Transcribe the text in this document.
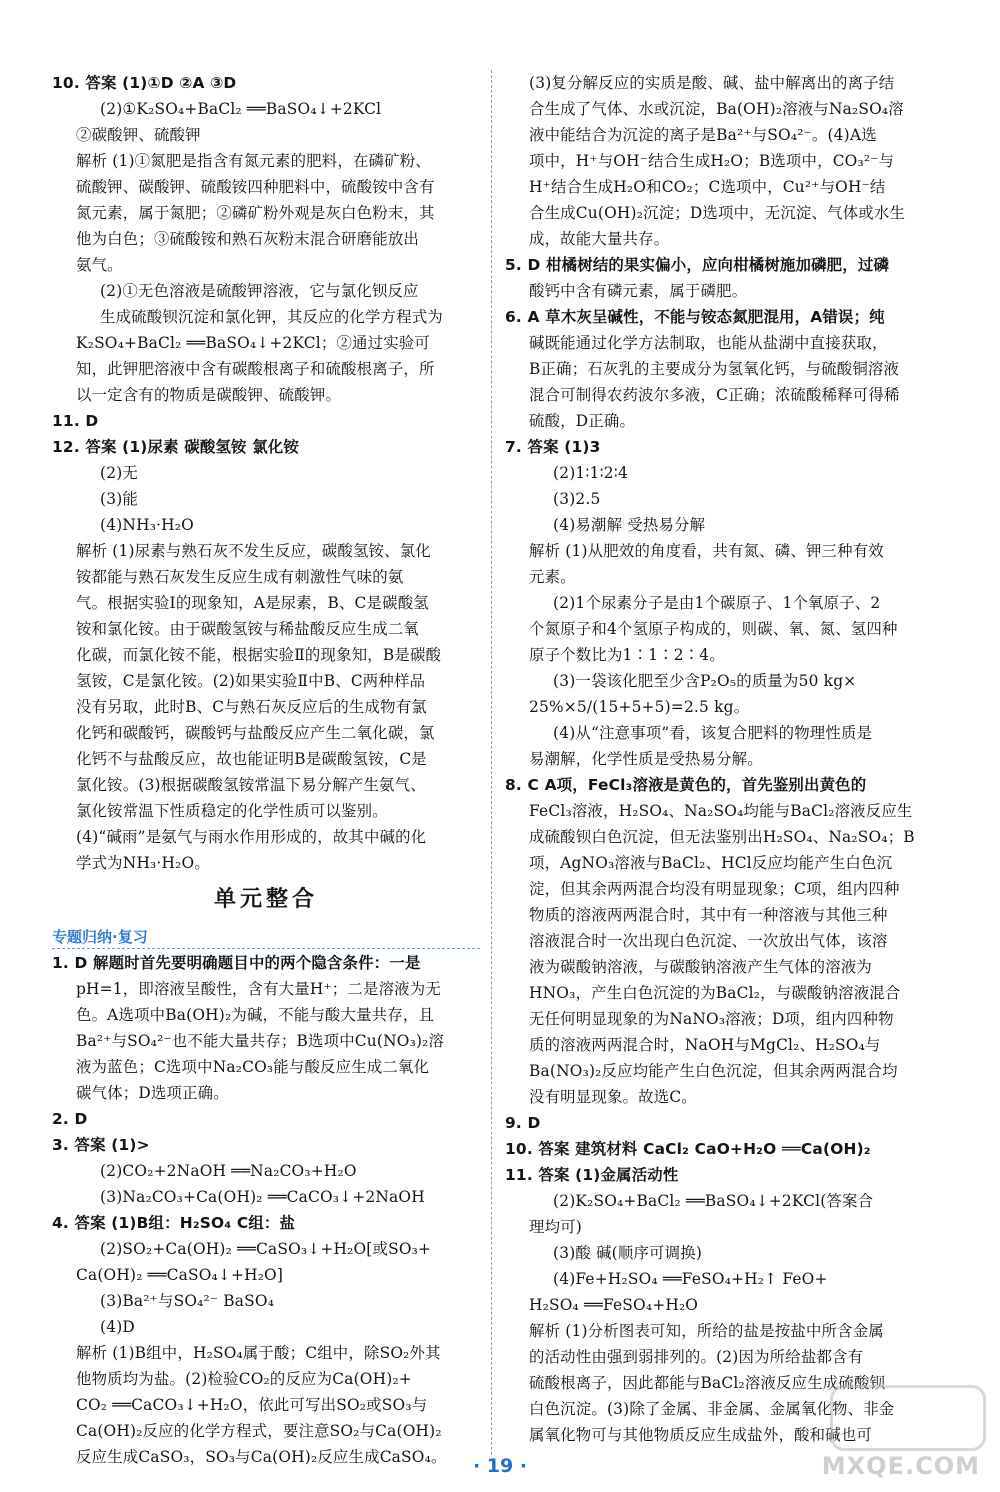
10. 答案 (1)①D ②A ③D
(2)①K₂SO₄+BaCl₂ ══BaSO₄↓+2KCl
②碳酸钾、硫酸钾
解析 (1)①氮肥是指含有氮元素的肥料，在磷矿粉、
硫酸钾、碳酸钾、硫酸铵四种肥料中，硫酸铵中含有
氮元素，属于氮肥；②磷矿粉外观是灰白色粉末，其
他为白色；③硫酸铵和熟石灰粉末混合研磨能放出
氨气。
(2)①无色溶液是硫酸钾溶液，它与氯化钡反应
生成硫酸钡沉淀和氯化钾，其反应的化学方程式为
K₂SO₄+BaCl₂ ══BaSO₄↓+2KCl；②通过实验可
知，此钾肥溶液中含有碳酸根离子和硫酸根离子，所
以一定含有的物质是碳酸钾、硫酸钾。
11. D
12. 答案 (1)尿素 碳酸氢铵 氯化铵
(2)无
(3)能
(4)NH₃·H₂O
解析 (1)尿素与熟石灰不发生反应，碳酸氢铵、氯化
铵都能与熟石灰发生反应生成有刺激性气味的氨
气。根据实验Ⅰ的现象知，A是尿素，B、C是碳酸氢
铵和氯化铵。由于碳酸氢铵与稀盐酸反应生成二氧
化碳，而氯化铵不能，根据实验Ⅱ的现象知，B是碳酸
氢铵，C是氯化铵。(2)如果实验Ⅱ中B、C两种样品
没有另取，此时B、C与熟石灰反应后的生成物有氯
化钙和碳酸钙，碳酸钙与盐酸反应产生二氧化碳，氯
化钙不与盐酸反应，故也能证明B是碳酸氢铵，C是
氯化铵。(3)根据碳酸氢铵常温下易分解产生氨气、
氯化铵常温下性质稳定的化学性质可以鉴别。
(4)“碱雨”是氨气与雨水作用形成的，故其中碱的化
学式为NH₃·H₂O。
单元整合
专题归纳·复习
1. D 解题时首先要明确题目中的两个隐含条件：一是
pH=1，即溶液呈酸性，含有大量H⁺；二是溶液为无
色。A选项中Ba(OH)₂为碱，不能与酸大量共存，且
Ba²⁺与SO₄²⁻也不能大量共存；B选项中Cu(NO₃)₂溶
液为蓝色；C选项中Na₂CO₃能与酸反应生成二氧化
碳气体；D选项正确。
2. D
3. 答案 (1)>
(2)CO₂+2NaOH ══Na₂CO₃+H₂O
(3)Na₂CO₃+Ca(OH)₂ ══CaCO₃↓+2NaOH
4. 答案 (1)B组：H₂SO₄ C组：盐
(2)SO₂+Ca(OH)₂ ══CaSO₃↓+H₂O[或SO₃+
Ca(OH)₂ ══CaSO₄↓+H₂O]
(3)Ba²⁺与SO₄²⁻ BaSO₄
(4)D
解析 (1)B组中，H₂SO₄属于酸；C组中，除SO₂外其
他物质均为盐。(2)检验CO₂的反应为Ca(OH)₂+
CO₂ ══CaCO₃↓+H₂O，依此可写出SO₂或SO₃与
Ca(OH)₂反应的化学方程式，要注意SO₂与Ca(OH)₂
反应生成CaSO₃，SO₃与Ca(OH)₂反应生成CaSO₄。
(3)复分解反应的实质是酸、碱、盐中解离出的离子结
合生成了气体、水或沉淀，Ba(OH)₂溶液与Na₂SO₄溶
液中能结合为沉淀的离子是Ba²⁺与SO₄²⁻。(4)A选
项中，H⁺与OH⁻结合生成H₂O；B选项中，CO₃²⁻与
H⁺结合生成H₂O和CO₂；C选项中，Cu²⁺与OH⁻结
合生成Cu(OH)₂沉淀；D选项中，无沉淀、气体或水生
成，故能大量共存。
5. D 柑橘树结的果实偏小，应向柑橘树施加磷肥，过磷
酸钙中含有磷元素，属于磷肥。
6. A 草木灰呈碱性，不能与铵态氮肥混用，A错误；纯
碱既能通过化学方法制取，也能从盐湖中直接获取，
B正确；石灰乳的主要成分为氢氧化钙，与硫酸铜溶液
混合可制得农药波尔多液，C正确；浓硫酸稀释可得稀
硫酸，D正确。
7. 答案 (1)3
(2)1∶1∶2∶4
(3)2.5
(4)易潮解 受热易分解
解析 (1)从肥效的角度看，共有氮、磷、钾三种有效
元素。
(2)1个尿素分子是由1个碳原子、1个氧原子、2
个氮原子和4个氢原子构成的，则碳、氧、氮、氢四种
原子个数比为1∶1∶2∶4。
(3)一袋该化肥至少含P₂O₅的质量为50 kg×
25%×5/(15+5+5)=2.5 kg。
(4)从“注意事项”看，该复合肥料的物理性质是
易潮解，化学性质是受热易分解。
8. C A项，FeCl₃溶液是黄色的，首先鉴别出黄色的
FeCl₃溶液，H₂SO₄、Na₂SO₄均能与BaCl₂溶液反应生
成硫酸钡白色沉淀，但无法鉴别出H₂SO₄、Na₂SO₄；B
项，AgNO₃溶液与BaCl₂、HCl反应均能产生白色沉
淀，但其余两两混合均没有明显现象；C项，组内四种
物质的溶液两两混合时，其中有一种溶液与其他三种
溶液混合时一次出现白色沉淀、一次放出气体，该溶
液为碳酸钠溶液，与碳酸钠溶液产生气体的溶液为
HNO₃，产生白色沉淀的为BaCl₂，与碳酸钠溶液混合
无任何明显现象的为NaNO₃溶液；D项，组内四种物
质的溶液两两混合时，NaOH与MgCl₂、H₂SO₄与
Ba(NO₃)₂反应均能产生白色沉淀，但其余两两混合均
没有明显现象。故选C。
9. D
10. 答案 建筑材料 CaCl₂ CaO+H₂O ══Ca(OH)₂
11. 答案 (1)金属活动性
(2)K₂SO₄+BaCl₂ ══BaSO₄↓+2KCl(答案合
理均可)
(3)酸 碱(顺序可调换)
(4)Fe+H₂SO₄ ══FeSO₄+H₂↑ FeO+
H₂SO₄ ══FeSO₄+H₂O
解析 (1)分析图表可知，所给的盐是按盐中所含金属
的活动性由强到弱排列的。(2)因为所给盐都含有
硫酸根离子，因此都能与BaCl₂溶液反应生成硫酸钡
白色沉淀。(3)除了金属、非金属、金属氧化物、非金
属氧化物可与其他物质反应生成盐外，酸和碱也可
· 19 ·	MXQE.COM
